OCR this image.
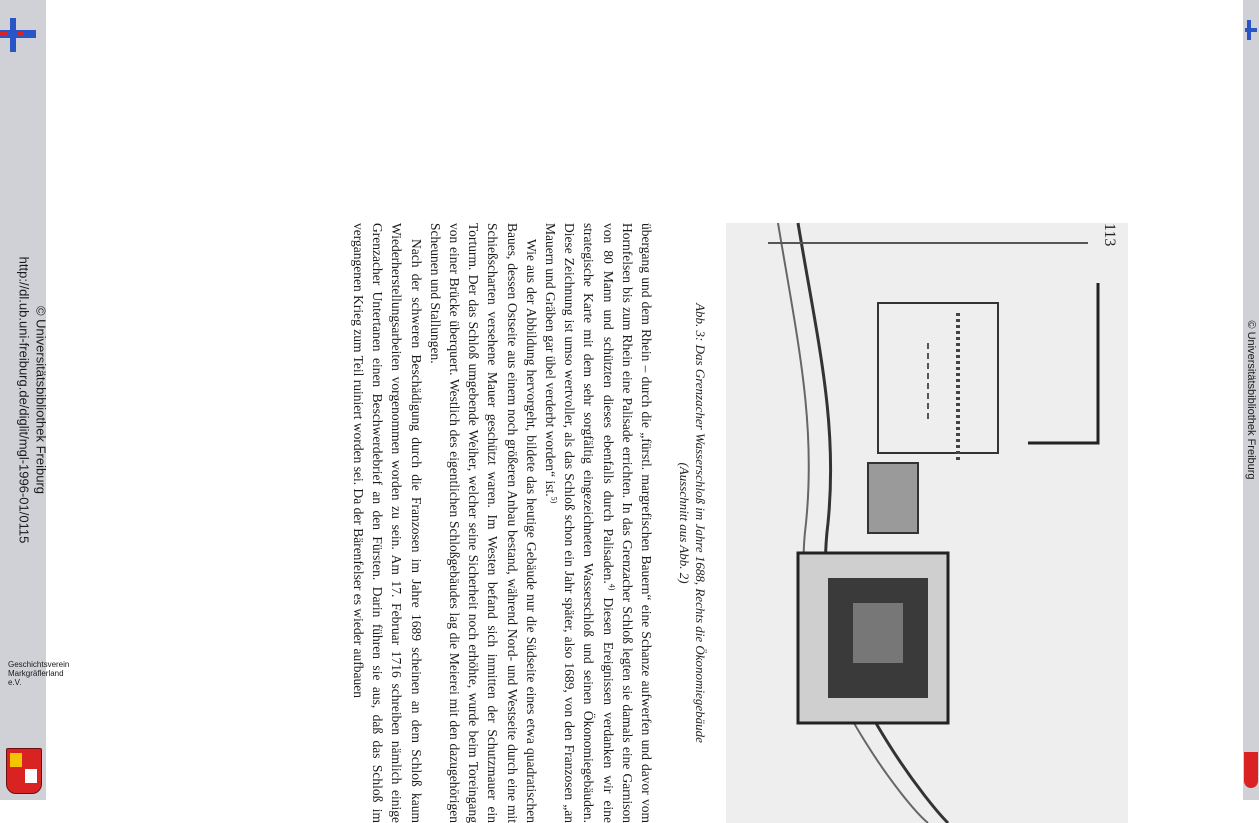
http://dl.ub.uni-freiburg.de/diglit/mgl-1996-01/0115 © Universitätsbibliothek Freiburg
Geschichtsverein
Markgräflerland e.V.
© Universitätsbibliothek Freiburg
Abb. 3: Das Grenzacher Wasserschloß im Jahre 1688, Rechts die Ökonomiegebäude
(Ausschnitt aus Abb. 2)

übergang und dem Rhein – durch die „fürstl. margrefischen Bauern“ eine Schanze aufwerfen und davor vom Hornfelsen bis zum Rhein eine Palisade errichten. In das Grenzacher Schloß legten sie damals eine Garnison von 80 Mann und schützten dieses ebenfalls durch Palisaden.$^{4)}$ Diesen Ereignissen verdanken wir eine strategische Karte mit dem sehr sorgfältig eingezeichneten Wasserschloß und seinen Ökonomiegebäuden. Diese Zeichnung ist umso wertvoller, als das Schloß schon ein Jahr später, also 1689, von den Franzosen „an Mauern und Gräben gar übel verderbt worden“ ist.$^{5)}$

Wie aus der Abbildung hervorgeht, bildete das heutige Gebäude nur die Südseite eines etwa quadratischen Baues, dessen Ostseite aus einem noch größeren Anbau bestand, während Nord- und Westseite durch eine mit Schießscharten versehene Mauer geschützt waren. Im Westen befand sich inmitten der Schutzmauer ein Torturm. Der das Schloß umgebende Weiher, welcher seine Sicherheit noch erhöhte, wurde beim Toreingang von einer Brücke überquert. Westlich des eigentlichen Schloßgebäudes lag die Meierei mit den dazugehörigen Scheunen und Stallungen.

Nach der schweren Beschädigung durch die Franzosen im Jahre 1689 scheinen an dem Schloß kaum Wiederherstellungsarbeiten vorgenommen worden zu sein. Am 17. Februar 1716 schreiben nämlich einige Grenzacher Untertanen einen Beschwerdebrief an den Fürsten. Darin führen sie aus, daß das Schloß im vergangenen Krieg zum Teil ruiniert worden sei. Da der Bärenfelser es wieder aufbauen	113
